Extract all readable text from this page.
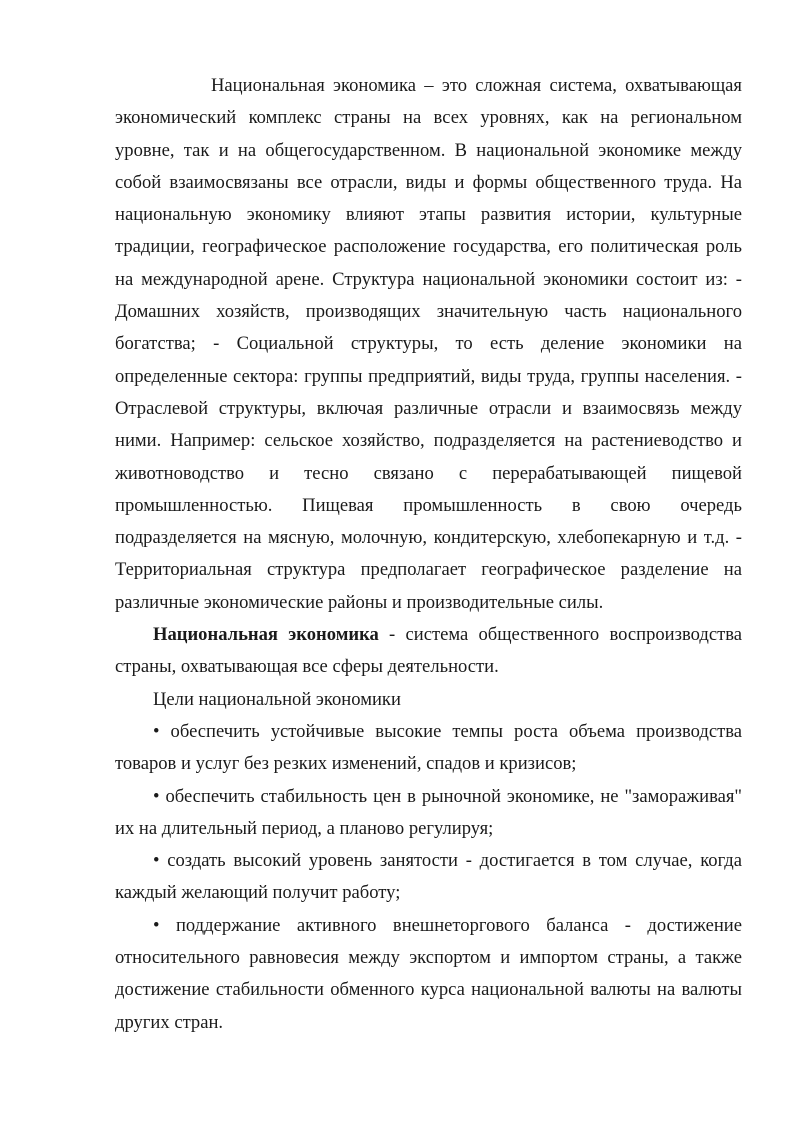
Национальная экономика – это сложная система, охватывающая экономический комплекс страны на всех уровнях, как на региональном уровне, так и на общегосударственном. В национальной экономике между собой взаимосвязаны все отрасли, виды и формы общественного труда. На национальную экономику влияют этапы развития истории, культурные традиции, географическое расположение государства, его политическая роль на международной арене. Структура национальной экономики состоит из: - Домашних хозяйств, производящих значительную часть национального богатства; - Социальной структуры, то есть деление экономики на определенные сектора: группы предприятий, виды труда, группы населения. - Отраслевой структуры, включая различные отрасли и взаимосвязь между ними. Например: сельское хозяйство, подразделяется на растениеводство и животноводство и тесно связано с перерабатывающей пищевой промышленностью. Пищевая промышленность в свою очередь подразделяется на мясную, молочную, кондитерскую, хлебопекарную и т.д. - Территориальная структура предполагает географическое разделение на различные экономические районы и производительные силы.

Национальная экономика - система общественного воспроизводства страны, охватывающая все сферы деятельности.

Цели национальной экономики

• обеспечить устойчивые высокие темпы роста объема производства товаров и услуг без резких изменений, спадов и кризисов;

• обеспечить стабильность цен в рыночной экономике, не "замораживая" их на длительный период, а планово регулируя;

• создать высокий уровень занятости - достигается в том случае, когда каждый желающий получит работу;

• поддержание активного внешнеторгового баланса - достижение относительного равновесия между экспортом и импортом страны, а также достижение стабильности обменного курса национальной валюты на валюты других стран.
